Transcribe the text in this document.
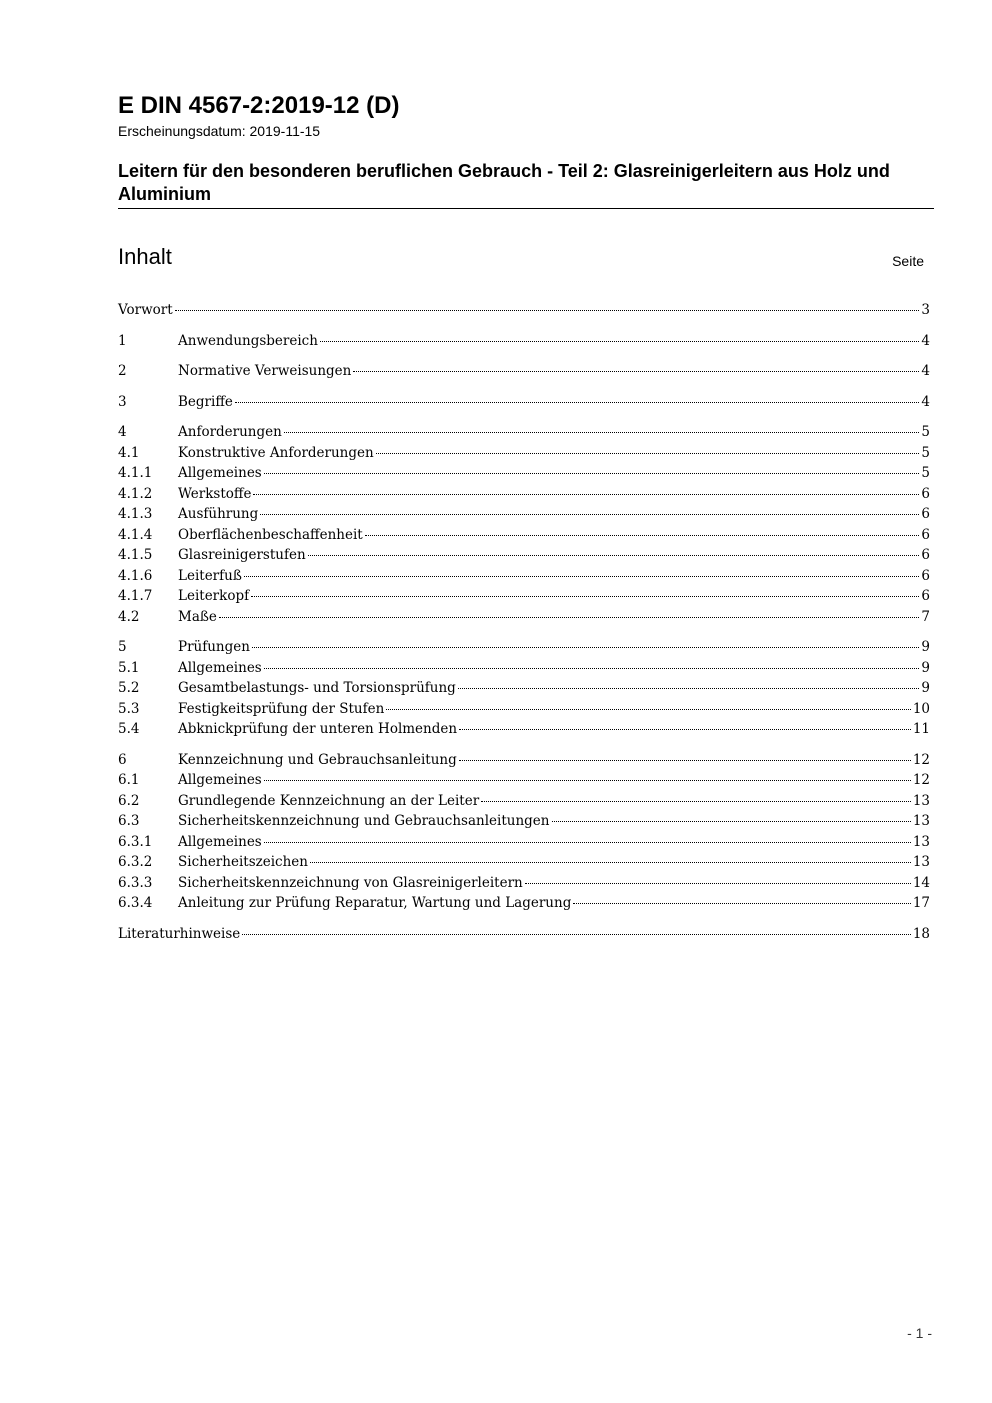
E DIN 4567-2:2019-12 (D)
Erscheinungsdatum: 2019-11-15
Leitern für den besonderen beruflichen Gebrauch - Teil 2: Glasreinigerleitern aus Holz und Aluminium
Inhalt	Seite
Vorwort	3
1	Anwendungsbereich	4
2	Normative Verweisungen	4
3	Begriffe	4
4	Anforderungen	5
4.1	Konstruktive Anforderungen	5
4.1.1	Allgemeines	5
4.1.2	Werkstoffe	6
4.1.3	Ausführung	6
4.1.4	Oberflächenbeschaffenheit	6
4.1.5	Glasreinigerstufen	6
4.1.6	Leiterfuß	6
4.1.7	Leiterkopf	6
4.2	Maße	7
5	Prüfungen	9
5.1	Allgemeines	9
5.2	Gesamtbelastungs- und Torsionsprüfung	9
5.3	Festigkeitsprüfung der Stufen	10
5.4	Abknickprüfung der unteren Holmenden	11
6	Kennzeichnung und Gebrauchsanleitung	12
6.1	Allgemeines	12
6.2	Grundlegende Kennzeichnung an der Leiter	13
6.3	Sicherheitskennzeichnung und Gebrauchsanleitungen	13
6.3.1	Allgemeines	13
6.3.2	Sicherheitszeichen	13
6.3.3	Sicherheitskennzeichnung von Glasreinigerleitern	14
6.3.4	Anleitung zur Prüfung Reparatur, Wartung und Lagerung	17
Literaturhinweise	18
- 1 -
